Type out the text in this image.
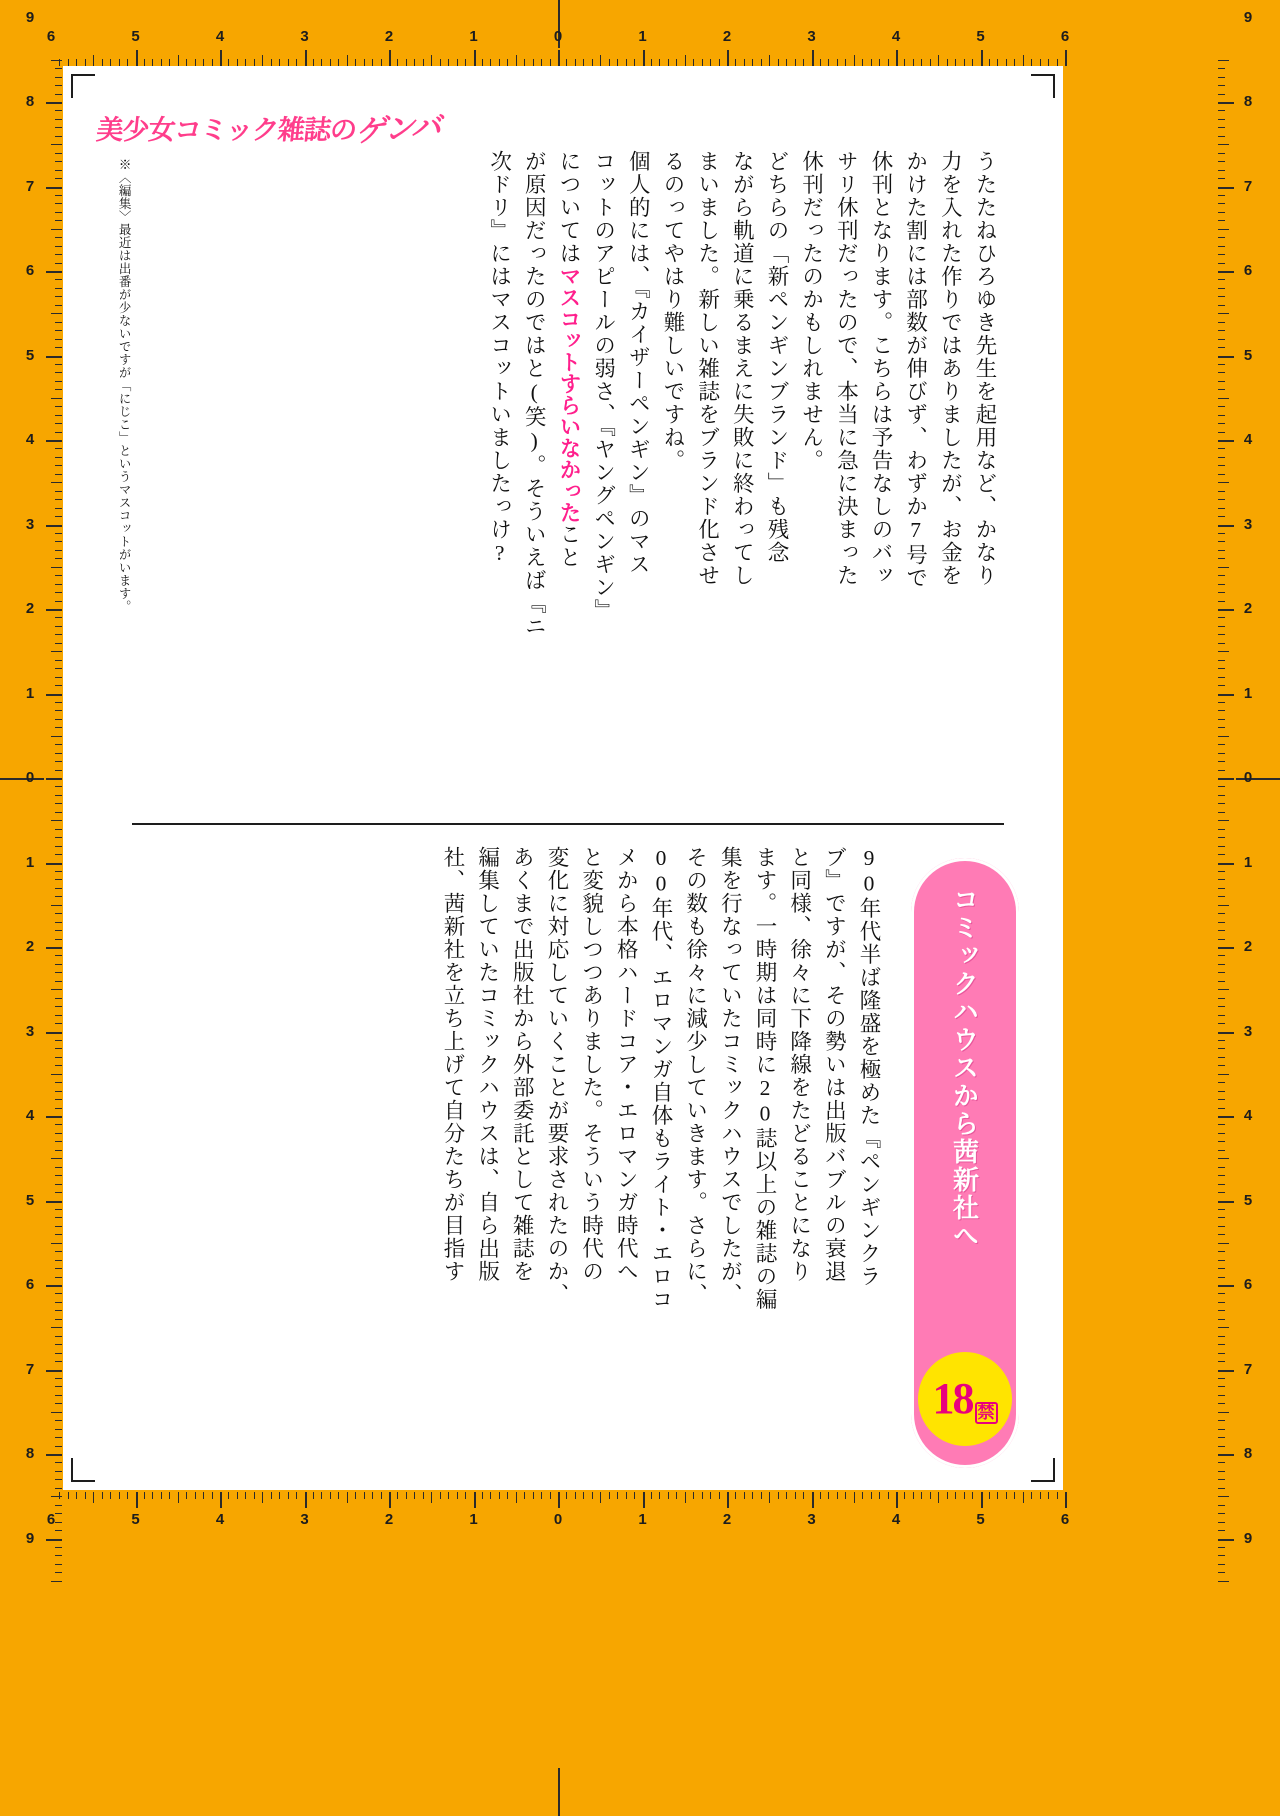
6	5	4	3	2	1	0	1	2	3	4	5	6
6	5	4	3	2	1	0	1	2	3	4	5	6
9
8
7
6
5
4
3
2
1
0
1
2
3
4
5
6
7
8
9
9
8
7
6
5
4
3
2
1
0
1
2
3
4
5
6
7
8
9
美少女コミック雑誌のゲンバ
うたたねひろゆき先生を起用など、かなり
力を入れた作りではありましたが、お金を
かけた割には部数が伸びず、わずか7号で
休刊となります。こちらは予告なしのバッ
サリ休刊だったので、本当に急に決まった
休刊だったのかもしれません。
どちらの「新ペンギンブランド」も残念
ながら軌道に乗るまえに失敗に終わってし
まいました。新しい雑誌をブランド化させ
るのってやはり難しいですね。
個人的には、『カイザーペンギン』のマス
コットのアピールの弱さ、『ヤングペンギン』
についてはマスコットすらいなかったこと
が原因だったのではと(笑)。そういえば『ニ
次ドリ』にはマスコットいましたっけ?
※〈編集〉最近は出番が少ないですが「にじこ」というマスコットがいます。
90年代半ば隆盛を極めた『ペンギンクラ
ブ』ですが、その勢いは出版バブルの衰退
と同様、徐々に下降線をたどることになり
ます。一時期は同時に20誌以上の雑誌の編
集を行なっていたコミックハウスでしたが、
その数も徐々に減少していきます。さらに、
00年代、エロマンガ自体もライト・エロコ
メから本格ハードコア・エロマンガ時代へ
と変貌しつつありました。そういう時代の
変化に対応していくことが要求されたのか、
あくまで出版社から外部委託として雑誌を
編集していたコミックハウスは、自ら出版
社、茜新社を立ち上げて自分たちが目指す	コミックハウスから茜新社へ
18 禁
